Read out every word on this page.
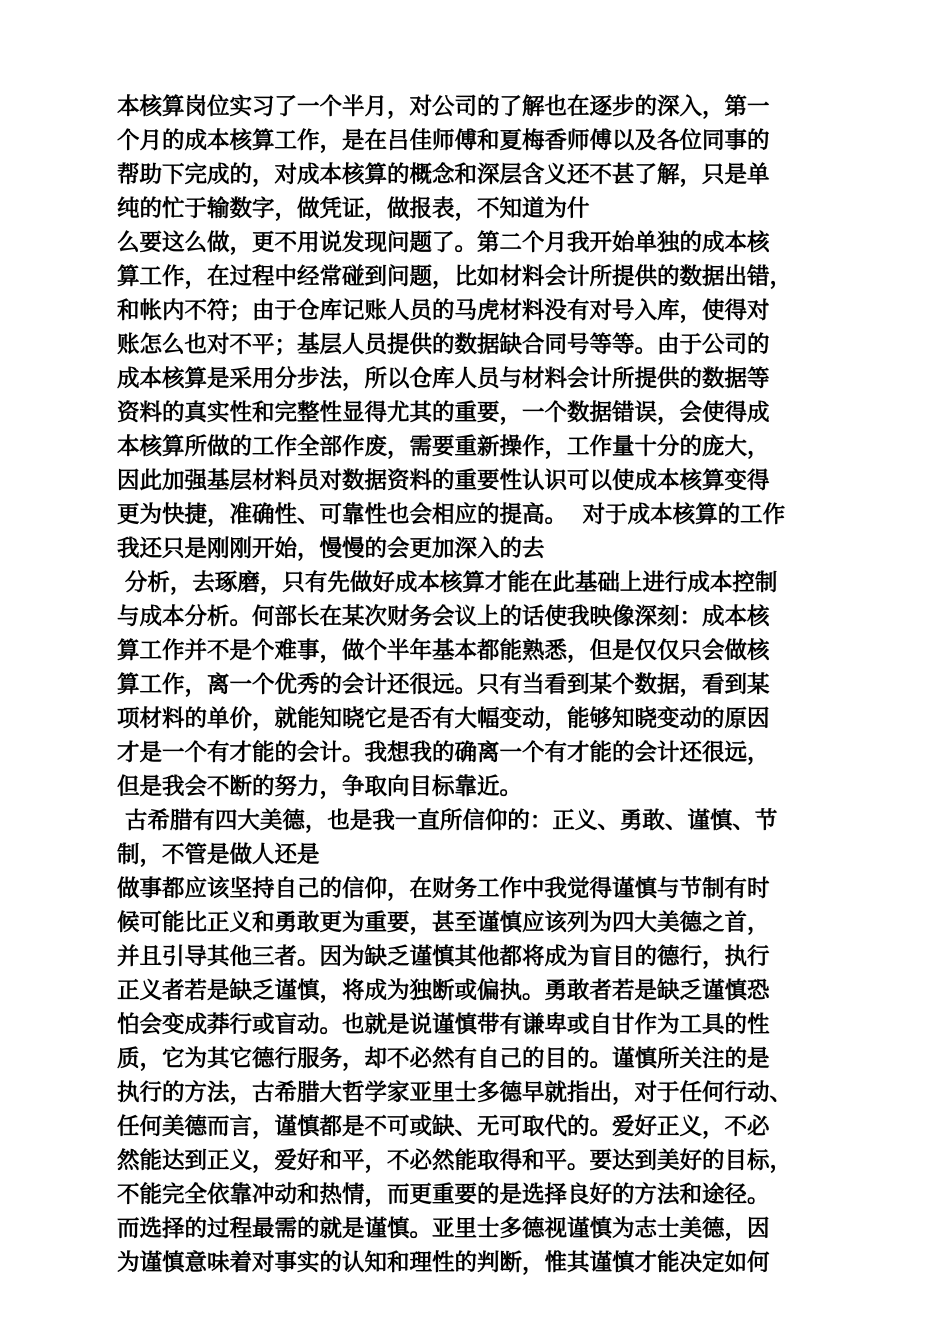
本核算岗位实习了一个半月，对公司的了解也在逐步的深入，第一
个月的成本核算工作，是在吕佳师傅和夏梅香师傅以及各位同事的
帮助下完成的，对成本核算的概念和深层含义还不甚了解，只是单
纯的忙于输数字，做凭证，做报表，不知道为什
么要这么做，更不用说发现问题了。第二个月我开始单独的成本核
算工作，在过程中经常碰到问题，比如材料会计所提供的数据出错，
和帐内不符；由于仓库记账人员的马虎材料没有对号入库，使得对
账怎么也对不平；基层人员提供的数据缺合同号等等。由于公司的
成本核算是采用分步法，所以仓库人员与材料会计所提供的数据等
资料的真实性和完整性显得尤其的重要，一个数据错误，会使得成
本核算所做的工作全部作废，需要重新操作，工作量十分的庞大，
因此加强基层材料员对数据资料的重要性认识可以使成本核算变得
更为快捷，准确性、可靠性也会相应的提高。  对于成本核算的工作
我还只是刚刚开始，慢慢的会更加深入的去
分析，去琢磨，只有先做好成本核算才能在此基础上进行成本控制
与成本分析。何部长在某次财务会议上的话使我映像深刻：成本核
算工作并不是个难事，做个半年基本都能熟悉，但是仅仅只会做核
算工作，离一个优秀的会计还很远。只有当看到某个数据，看到某
项材料的单价，就能知晓它是否有大幅变动，能够知晓变动的原因
才是一个有才能的会计。我想我的确离一个有才能的会计还很远，
但是我会不断的努力，争取向目标靠近。
古希腊有四大美德，也是我一直所信仰的：正义、勇敢、谨慎、节
制，不管是做人还是
做事都应该坚持自己的信仰，在财务工作中我觉得谨慎与节制有时
候可能比正义和勇敢更为重要，甚至谨慎应该列为四大美德之首，
并且引导其他三者。因为缺乏谨慎其他都将成为盲目的德行，执行
正义者若是缺乏谨慎，将成为独断或偏执。勇敢者若是缺乏谨慎恐
怕会变成莽行或盲动。也就是说谨慎带有谦卑或自甘作为工具的性
质，它为其它德行服务，却不必然有自己的目的。谨慎所关注的是
执行的方法，古希腊大哲学家亚里士多德早就指出，对于任何行动、
任何美德而言，谨慎都是不可或缺、无可取代的。爱好正义，不必
然能达到正义，爱好和平，不必然能取得和平。要达到美好的目标，
不能完全依靠冲动和热情，而更重要的是选择良好的方法和途径。
而选择的过程最需的就是谨慎。亚里士多德视谨慎为志士美德，因
为谨慎意味着对事实的认知和理性的判断，惟其谨慎才能决定如何
